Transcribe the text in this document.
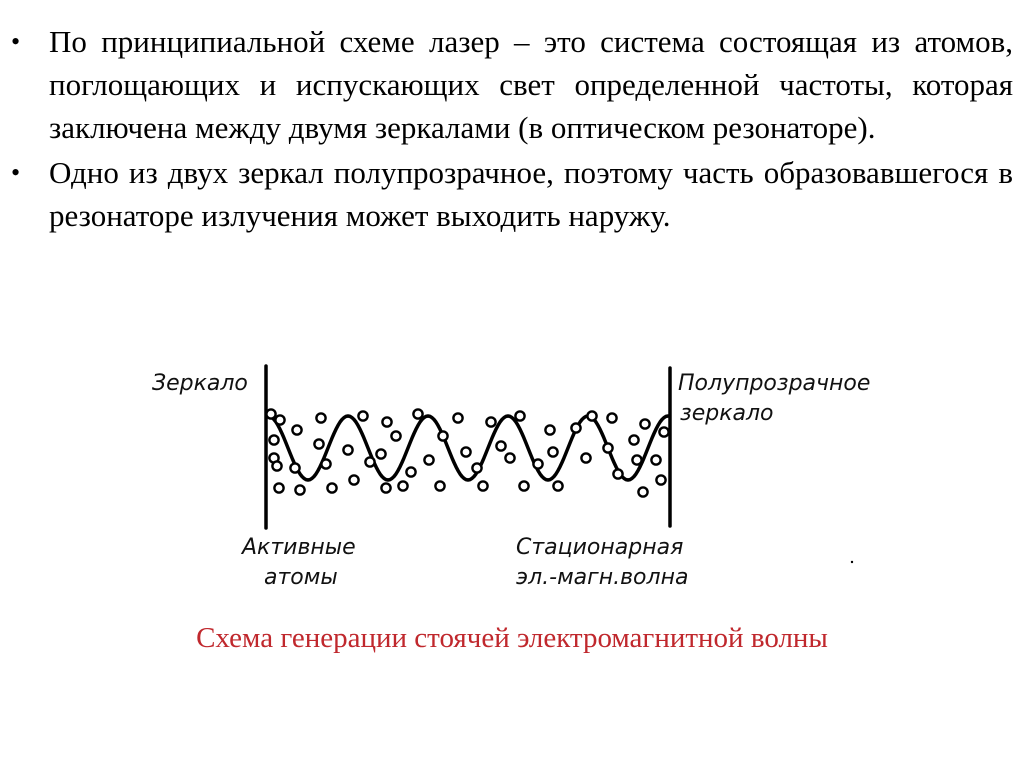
• По принципиальной схеме лазер – это система состоящая из атомов, поглощающих и испускающих свет определенной частоты, которая заключена между двумя зеркалами (в оптическом резонаторе).
• Одно из двух зеркал полупрозрачное, поэтому часть образовавшегося в резонаторе излучения может выходить наружу.
Зеркало	Полупрозрачное
зеркало
Активные
атомы
Стационарная
эл.-магн.волна
Схема генерации стоячей электромагнитной волны
